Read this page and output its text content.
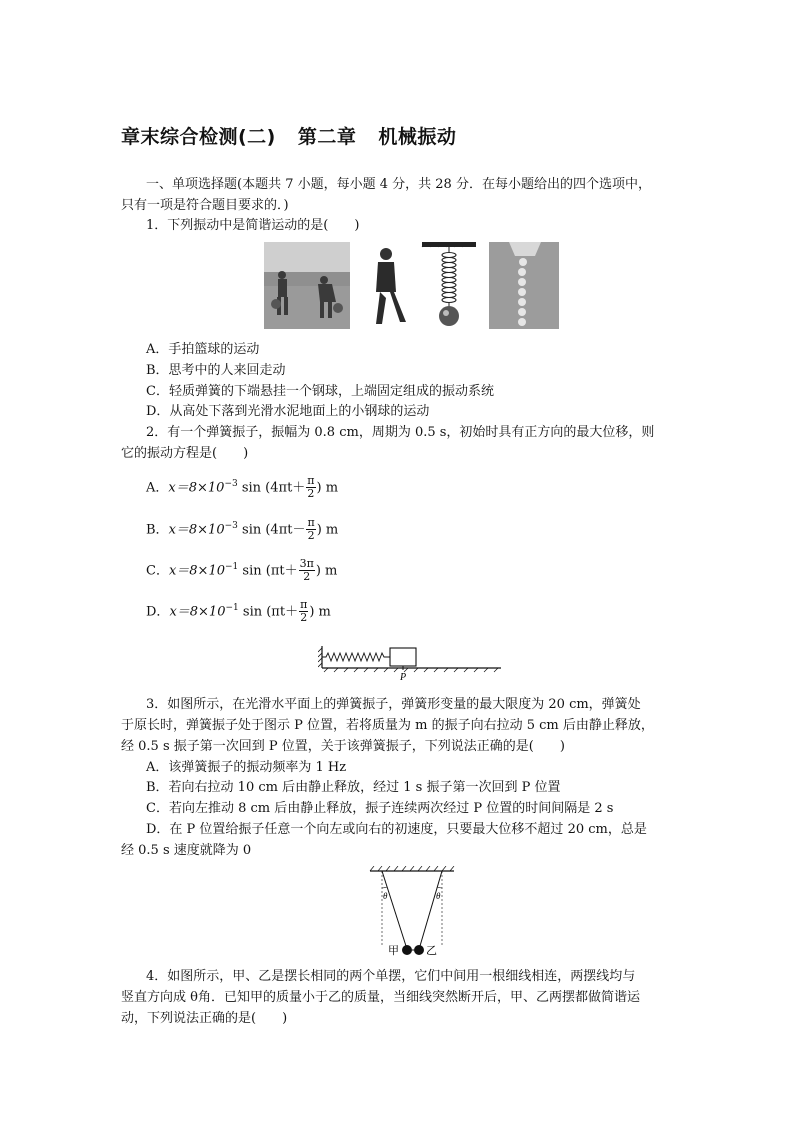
章末综合检测(二) 第二章 机械振动
一、单项选择题(本题共 7 小题，每小题 4 分，共 28 分．在每小题给出的四个选项中，
只有一项是符合题目要求的．)
1．下列振动中是简谐运动的是(　　)
A．手拍篮球的运动
B．思考中的人来回走动
C．轻质弹簧的下端悬挂一个钢球，上端固定组成的振动系统
D．从高处下落到光滑水泥地面上的小钢球的运动
2．有一个弹簧振子，振幅为 0.8 cm，周期为 0.5 s，初始时具有正方向的最大位移，则
它的振动方程是(　　)
A．$x=8\times 10^{-3}$ $\sin (4\pi t+ \frac{\pi}{2}$ ) m
B．$x=8\times 10^{-3}$ $\sin (4\pi t- \frac{\pi}{2}$ ) m
C．$x=8\times 10^{-1}$ $\sin (\pi t+ \frac{3\pi}{2}$ ) m
D．$x=8\times 10^{-1}$ $\sin (\pi t+ \frac{\pi}{2}$ ) m
P
3．如图所示，在光滑水平面上的弹簧振子，弹簧形变量的最大限度为 20 cm，弹簧处
于原长时，弹簧振子处于图示 P 位置，若将质量为 m 的振子向右拉动 5 cm 后由静止释放，
经 0.5 s 振子第一次回到 P 位置，关于该弹簧振子，下列说法正确的是(　　)
A．该弹簧振子的振动频率为 1 Hz
B．若向右拉动 10 cm 后由静止释放，经过 1 s 振子第一次回到 P 位置
C．若向左推动 8 cm 后由静止释放，振子连续两次经过 P 位置的时间间隔是 2 s
D．在 P 位置给振子任意一个向左或向右的初速度，只要最大位移不超过 20 cm，总是
经 0.5 s 速度就降为 0
θ	θ
甲 乙
4．如图所示，甲、乙是摆长相同的两个单摆，它们中间用一根细线相连，两摆线均与
竖直方向成 θ角．已知甲的质量小于乙的质量，当细线突然断开后，甲、乙两摆都做简谐运
动，下列说法正确的是(　　)
